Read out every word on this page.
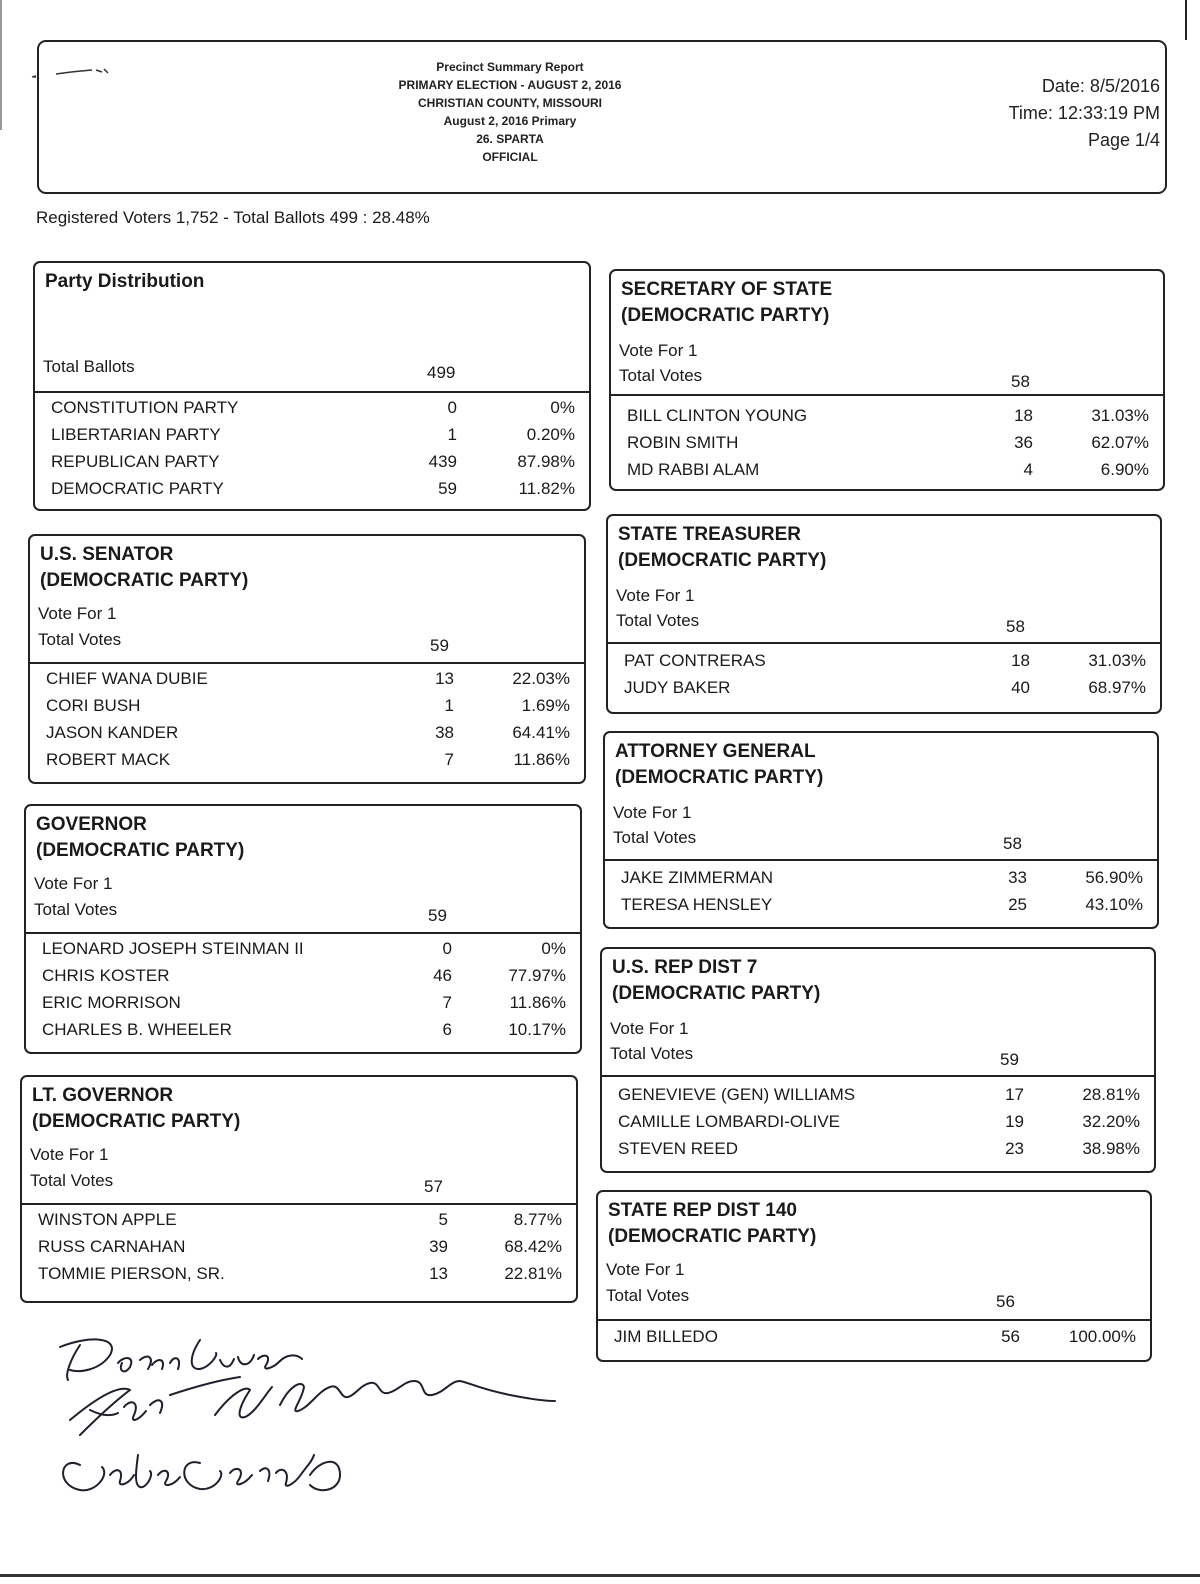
Precinct Summary Report
PRIMARY ELECTION - AUGUST 2, 2016
CHRISTIAN COUNTY, MISSOURI
August 2, 2016 Primary
26. SPARTA
OFFICIAL
Date: 8/5/2016
Time: 12:33:19 PM
Page 1/4
Registered Voters 1,752 - Total Ballots 499 : 28.48%
Party Distribution
Total Ballots	499
CONSTITUTION PARTY	0	0%
LIBERTARIAN PARTY	1	0.20%
REPUBLICAN PARTY	439	87.98%
DEMOCRATIC PARTY	59	11.82%
U.S. SENATOR
(DEMOCRATIC PARTY)
Vote For 1
Total Votes	59
CHIEF WANA DUBIE	13	22.03%
CORI BUSH	1	1.69%
JASON KANDER	38	64.41%
ROBERT MACK	7	11.86%
GOVERNOR
(DEMOCRATIC PARTY)
Vote For 1
Total Votes	59
LEONARD JOSEPH STEINMAN II	0	0%
CHRIS KOSTER	46	77.97%
ERIC MORRISON	7	11.86%
CHARLES B. WHEELER	6	10.17%
LT. GOVERNOR
(DEMOCRATIC PARTY)
Vote For 1
Total Votes	57
WINSTON APPLE	5	8.77%
RUSS CARNAHAN	39	68.42%
TOMMIE PIERSON, SR.	13	22.81%
SECRETARY OF STATE
(DEMOCRATIC PARTY)
Vote For 1
Total Votes	58
BILL CLINTON YOUNG	18	31.03%
ROBIN SMITH	36	62.07%
MD RABBI ALAM	4	6.90%
STATE TREASURER
(DEMOCRATIC PARTY)
Vote For 1
Total Votes	58
PAT CONTRERAS	18	31.03%
JUDY BAKER	40	68.97%
ATTORNEY GENERAL
(DEMOCRATIC PARTY)
Vote For 1
Total Votes	58
JAKE ZIMMERMAN	33	56.90%
TERESA HENSLEY	25	43.10%
U.S. REP DIST 7
(DEMOCRATIC PARTY)
Vote For 1
Total Votes	59
GENEVIEVE (GEN) WILLIAMS	17	28.81%
CAMILLE LOMBARDI-OLIVE	19	32.20%
STEVEN REED	23	38.98%
STATE REP DIST 140
(DEMOCRATIC PARTY)
Vote For 1
Total Votes	56
JIM BILLEDO	56	100.00%
